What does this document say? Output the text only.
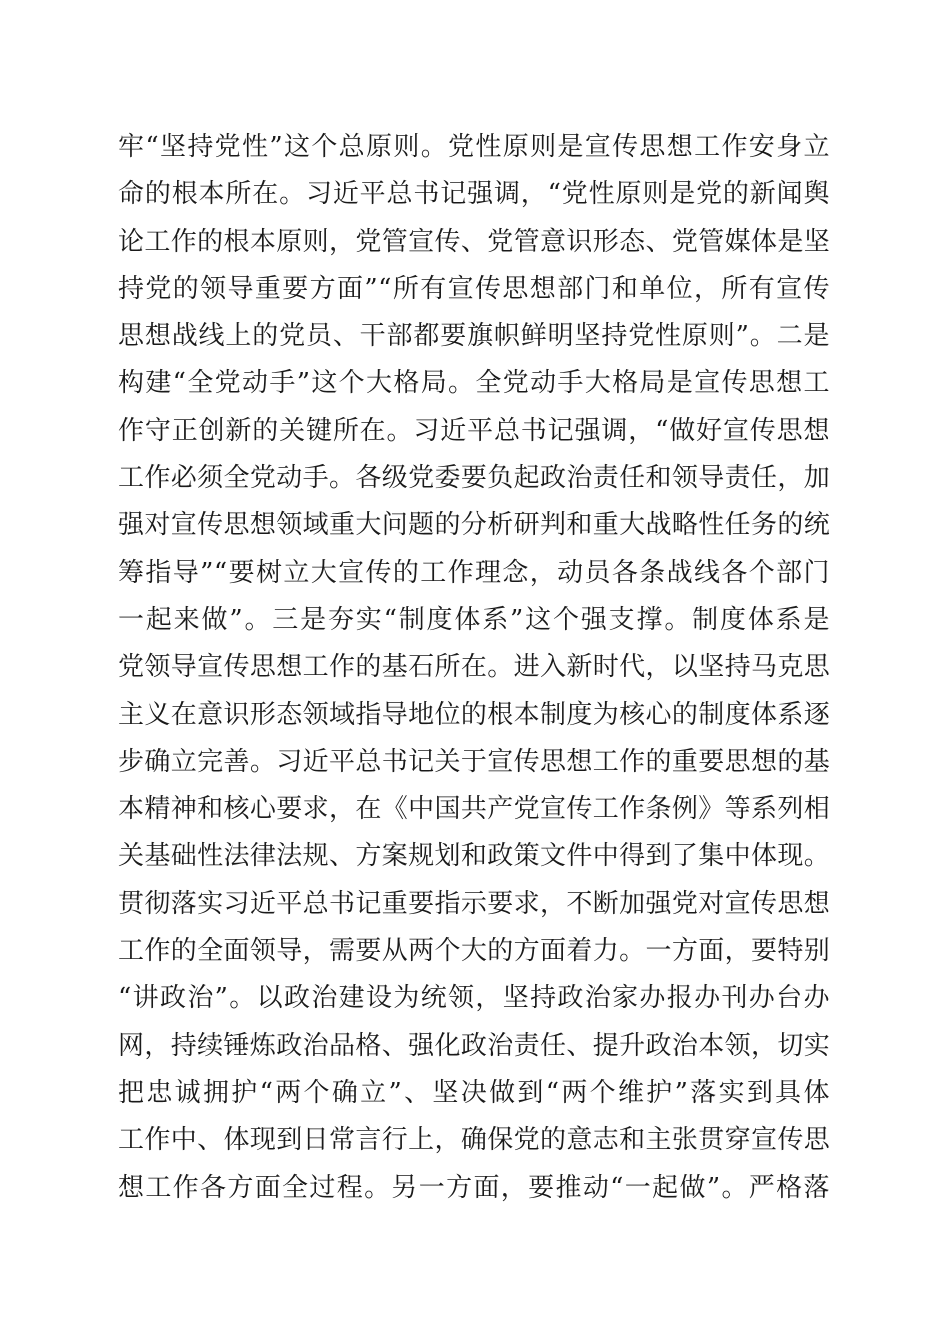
牢“坚持党性”这个总原则。党性原则是宣传思想工作安身立
命的根本所在。习近平总书记强调，“党性原则是党的新闻舆
论工作的根本原则，党管宣传、党管意识形态、党管媒体是坚
持党的领导重要方面”“所有宣传思想部门和单位，所有宣传
思想战线上的党员、干部都要旗帜鲜明坚持党性原则”。二是
构建“全党动手”这个大格局。全党动手大格局是宣传思想工
作守正创新的关键所在。习近平总书记强调，“做好宣传思想
工作必须全党动手。各级党委要负起政治责任和领导责任，加
强对宣传思想领域重大问题的分析研判和重大战略性任务的统
筹指导”“要树立大宣传的工作理念，动员各条战线各个部门
一起来做”。三是夯实“制度体系”这个强支撑。制度体系是
党领导宣传思想工作的基石所在。进入新时代，以坚持马克思
主义在意识形态领域指导地位的根本制度为核心的制度体系逐
步确立完善。习近平总书记关于宣传思想工作的重要思想的基
本精神和核心要求，在《中国共产党宣传工作条例》等系列相
关基础性法律法规、方案规划和政策文件中得到了集中体现。
贯彻落实习近平总书记重要指示要求，不断加强党对宣传思想
工作的全面领导，需要从两个大的方面着力。一方面，要特别
“讲政治”。以政治建设为统领，坚持政治家办报办刊办台办
网，持续锤炼政治品格、强化政治责任、提升政治本领，切实
把忠诚拥护“两个确立”、坚决做到“两个维护”落实到具体
工作中、体现到日常言行上，确保党的意志和主张贯穿宣传思
想工作各方面全过程。另一方面，要推动“一起做”。严格落
